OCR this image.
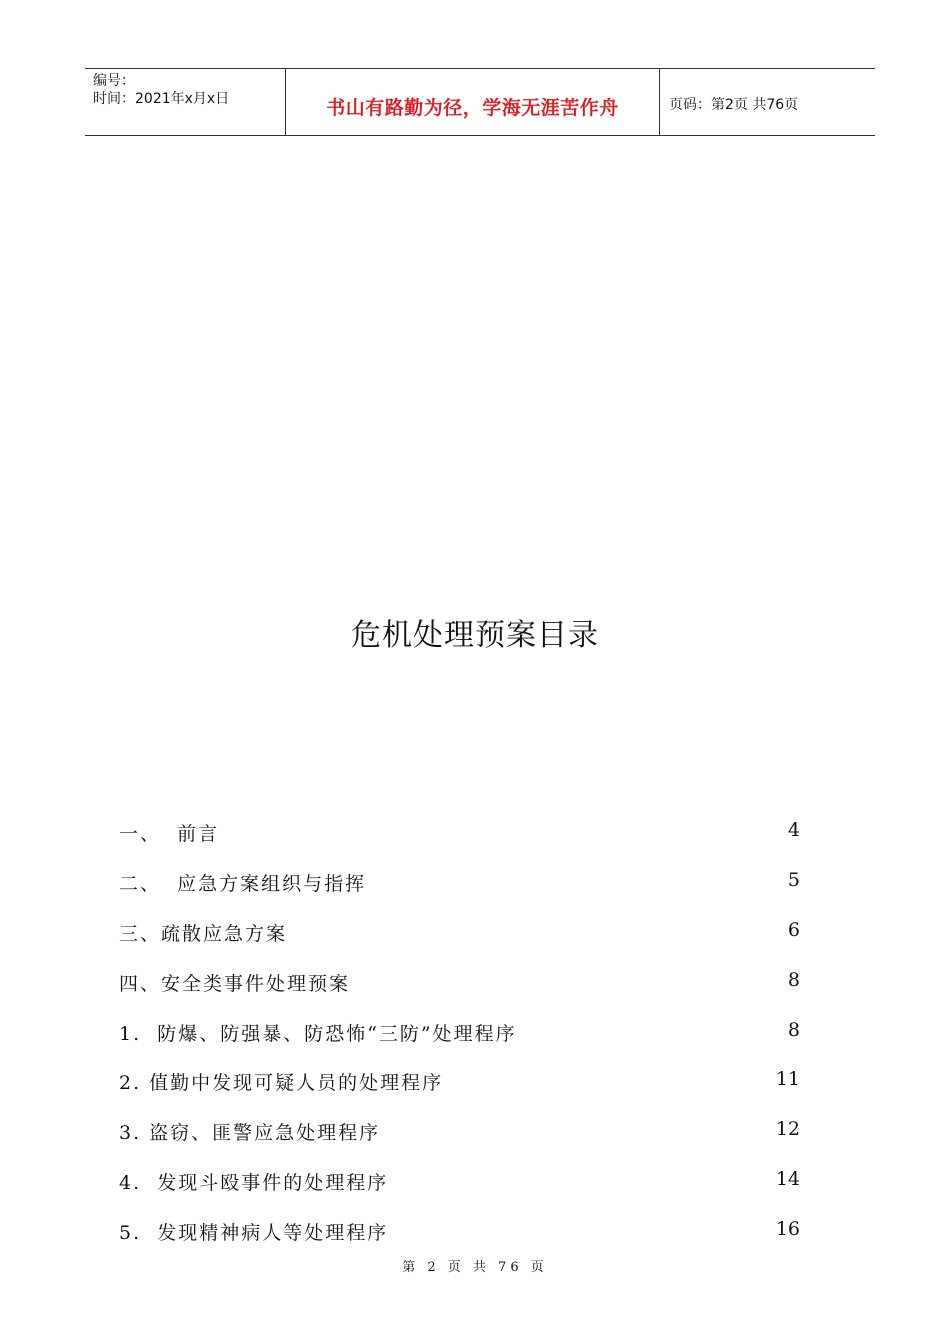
编号：
时间：2021年x月x日	书山有路勤为径，学海无涯苦作舟	页码：第2页 共76页
危机处理预案目录
一、  前言	4
二、  应急方案组织与指挥	5
三、疏散应急方案	6
四、安全类事件处理预案	8
1.  防爆、防强暴、防恐怖“三防”处理程序	8
2. 值勤中发现可疑人员的处理程序	11
3. 盗窃、匪警应急处理程序	12
4.  发现斗殴事件的处理程序	14
5.  发现精神病人等处理程序	16
第 2 页 共 76 页
